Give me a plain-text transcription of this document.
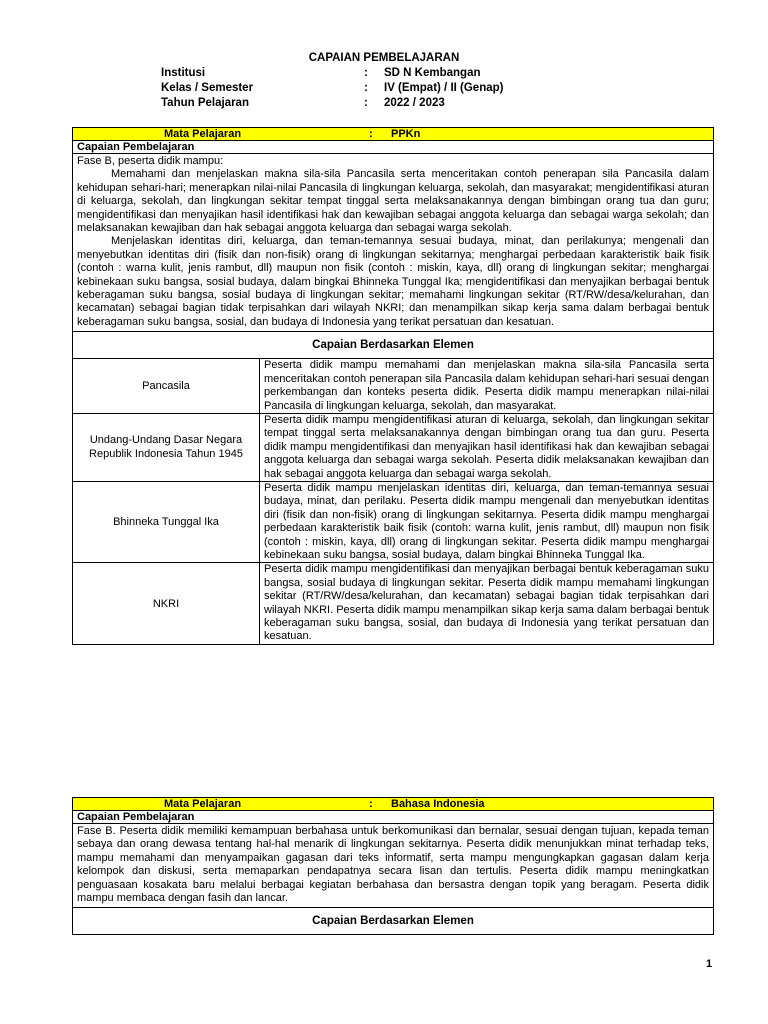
CAPAIAN PEMBELAJARAN
Institusi	:	SD N Kembangan
Kelas / Semester	:	IV (Empat) / II (Genap)
Tahun Pelajaran	:	2022 / 2023
Mata Pelajaran : PPKn	

Capaian Pembelajaran	

Fase B, peserta didik mampu:

Memahami dan menjelaskan makna sila-sila Pancasila serta menceritakan contoh penerapan sila Pancasila dalam kehidupan sehari-hari; menerapkan nilai-nilai Pancasila di lingkungan keluarga, sekolah, dan masyarakat; mengidentifikasi aturan di keluarga, sekolah, dan lingkungan sekitar tempat tinggal serta melaksanakannya dengan bimbingan orang tua dan guru; mengidentifikasi dan menyajikan hasil identifikasi hak dan kewajiban sebagai anggota keluarga dan sebagai warga sekolah; dan melaksanakan kewajiban dan hak sebagai anggota keluarga dan sebagai warga sekolah.

Menjelaskan identitas diri, keluarga, dan teman-temannya sesuai budaya, minat, dan perilakunya; mengenali dan menyebutkan identitas diri (fisik dan non-fisik) orang di lingkungan sekitarnya; menghargai perbedaan karakteristik baik fisik (contoh : warna kulit, jenis rambut, dll) maupun non fisik (contoh : miskin, kaya, dll) orang di lingkungan sekitar; menghargai kebinekaan suku bangsa, sosial budaya, dalam bingkai Bhinneka Tunggal Ika; mengidentifikasi dan menyajikan berbagai bentuk keberagaman suku bangsa, sosial budaya di lingkungan sekitar; memahami lingkungan sekitar (RT/RW/desa/kelurahan, dan kecamatan) sebagai bagian tidak terpisahkan dari wilayah NKRI; dan menampilkan sikap kerja sama dalam berbagai bentuk keberagaman suku bangsa, sosial, dan budaya di Indonesia yang terikat persatuan dan kesatuan.	

Capaian Berdasarkan Elemen	
Pancasila	Peserta didik mampu memahami dan menjelaskan makna sila-sila Pancasila serta menceritakan contoh penerapan sila Pancasila dalam kehidupan sehari-hari sesuai dengan perkembangan dan konteks peserta didik. Peserta didik mampu menerapkan nilai-nilai Pancasila di lingkungan keluarga, sekolah, dan masyarakat.
Undang-Undang Dasar Negara Republik Indonesia Tahun 1945	Peserta didik mampu mengidentifikasi aturan di keluarga, sekolah, dan lingkungan sekitar tempat tinggal serta melaksanakannya dengan bimbingan orang tua dan guru. Peserta didik mampu mengidentifikasi dan menyajikan hasil identifikasi hak dan kewajiban sebagai anggota keluarga dan sebagai warga sekolah. Peserta didik melaksanakan kewajiban dan hak sebagai anggota keluarga dan sebagai warga sekolah.
Bhinneka Tunggal Ika	Peserta didik mampu menjelaskan identitas diri, keluarga, dan teman-temannya sesuai budaya, minat, dan perilaku. Peserta didik mampu mengenali dan menyebutkan identitas diri (fisik dan non-fisik) orang di lingkungan sekitarnya. Peserta didik mampu menghargai perbedaan karakteristik baik fisik (contoh: warna kulit, jenis rambut, dll) maupun non fisik (contoh : miskin, kaya, dll) orang di lingkungan sekitar. Peserta didik mampu menghargai kebinekaan suku bangsa, sosial budaya, dalam bingkai Bhinneka Tunggal Ika.
NKRI	Peserta didik mampu mengidentifikasi dan menyajikan berbagai bentuk keberagaman suku bangsa, sosial budaya di lingkungan sekitar. Peserta didik mampu memahami lingkungan sekitar (RT/RW/desa/kelurahan, dan kecamatan) sebagai bagian tidak terpisahkan dari wilayah NKRI. Peserta didik mampu menampilkan sikap kerja sama dalam berbagai bentuk keberagaman suku bangsa, sosial, dan budaya di Indonesia yang terikat persatuan dan kesatuan.
Mata Pelajaran	:	Bahasa Indonesia

Capaian Pembelajaran
Fase B. Peserta didik memiliki kemampuan berbahasa untuk berkomunikasi dan bernalar, sesuai dengan tujuan, kepada teman sebaya dan orang dewasa tentang hal-hal menarik di lingkungan sekitarnya. Peserta didik menunjukkan minat terhadap teks, mampu memahami dan menyampaikan gagasan dari teks informatif, serta mampu mengungkapkan gagasan dalam kerja kelompok dan diskusi, serta memaparkan pendapatnya secara lisan dan tertulis. Peserta didik mampu meningkatkan penguasaan kosakata baru melalui berbagai kegiatan berbahasa dan bersastra dengan topik yang beragam. Peserta didik mampu membaca dengan fasih dan lancar.
Capaian Berdasarkan Elemen
1
